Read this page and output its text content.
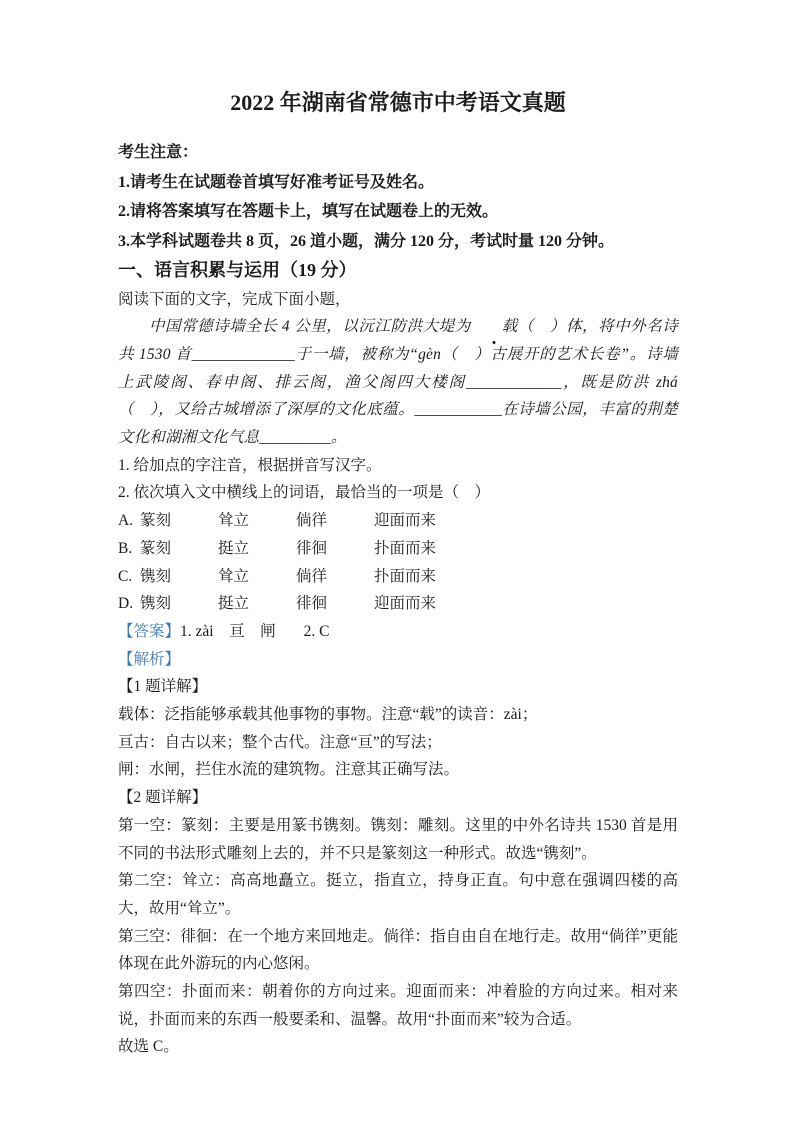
2022 年湖南省常德市中考语文真题
考生注意：
1.请考生在试题卷首填写好准考证号及姓名。
2.请将答案填写在答题卡上，填写在试题卷上的无效。
3.本学科试题卷共 8 页，26 道小题，满分 120 分，考试时量 120 分钟。
一、语言积累与运用（19 分）
阅读下面的文字，完成下面小题，

中国常德诗墙全长 4 公里，以沅江防洪大堤为 载（　）体，将中外名诗共 1530 首_____________于一墙，被称为“gèn（　）古展开的艺术长卷”。诗墙上武陵阁、春申阁、排云阁，渔父阁四大楼阁____________，既是防洪 zhá（　），又给古城增添了深厚的文化底蕴。___________在诗墙公园，丰富的荆楚文化和湖湘文化气息_________。

1. 给加点的字注音，根据拼音写汉字。
2. 依次填入文中横线上的词语，最恰当的一项是（　）
A. 篆刻	耸立	倘徉	迎面而来
B. 篆刻	挺立	徘徊	扑面而来
C. 镌刻	耸立	倘徉	扑面而来
D. 镌刻	挺立	徘徊	迎面而来
【答案】1. zài　亘　闸 2. C
【解析】
【1 题详解】
载体：泛指能够承载其他事物的事物。注意“载”的读音：zài；
亘古：自古以来；整个古代。注意“亘”的写法；
闸：水闸，拦住水流的建筑物。注意其正确写法。
【2 题详解】

第一空：篆刻：主要是用篆书镌刻。镌刻：雕刻。这里的中外名诗共 1530 首是用不同的书法形式雕刻上去的，并不只是篆刻这一种形式。故选“镌刻”。

第二空：耸立：高高地矗立。挺立，指直立，持身正直。句中意在强调四楼的高大，故用“耸立”。

第三空：徘徊：在一个地方来回地走。倘徉：指自由自在地行走。故用“倘徉”更能体现在此外游玩的内心悠闲。

第四空：扑面而来：朝着你的方向过来。迎面而来：冲着脸的方向过来。相对来说，扑面而来的东西一般要柔和、温馨。故用“扑面而来”较为合适。

故选 C。
